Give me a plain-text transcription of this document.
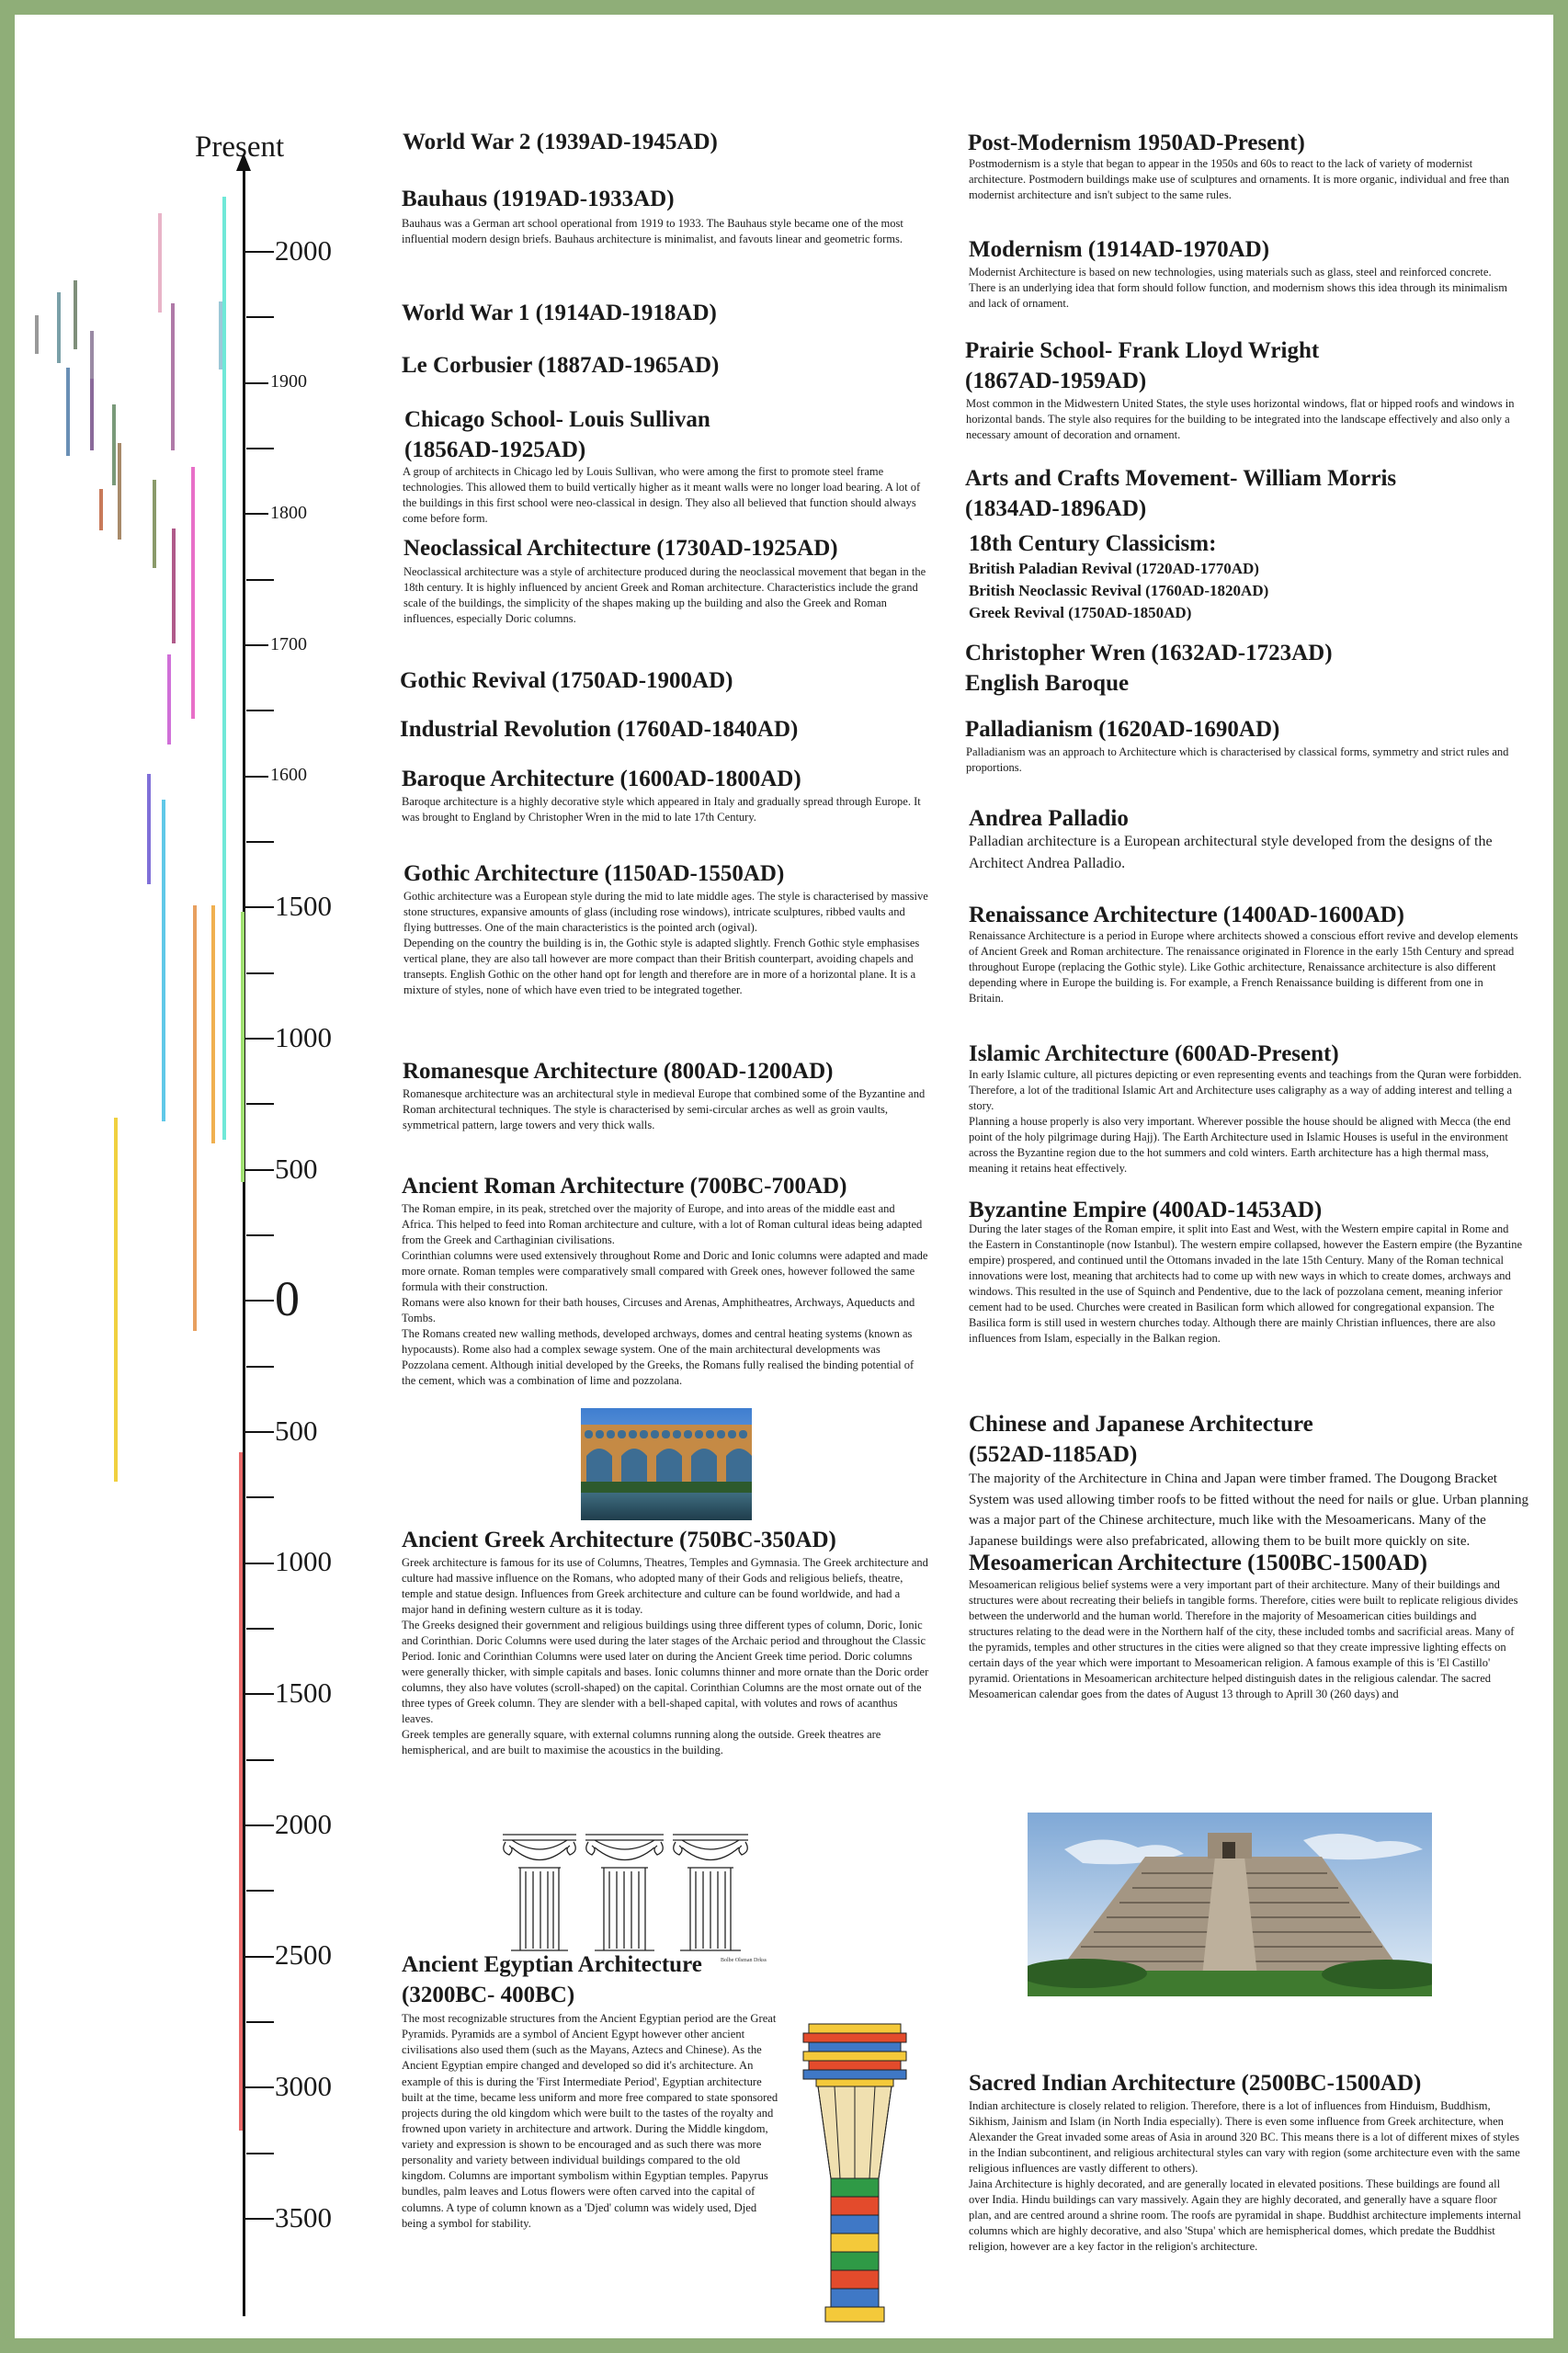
Present
2000
1900
1800
1700
1600
1500
1000
500
0
500
1000
1500
2000
2500
3000
3500
World War 2 (1939AD-1945AD)
Bauhaus (1919AD-1933AD)
Bauhaus was a German art school operational from 1919 to 1933. The Bauhaus style became one of the most influential modern design briefs. Bauhaus architecture is minimalist, and favouts linear and geometric forms.
World War 1 (1914AD-1918AD)
Le Corbusier (1887AD-1965AD)
Chicago School- Louis Sullivan
(1856AD-1925AD)
A group of architects in Chicago led by Louis Sullivan, who were among the first to promote steel frame technologies. This allowed them to build vertically higher as it meant walls were no longer load bearing. A lot of the buildings in this first school were neo-classical in design. They also all believed that function should always come before form.
Neoclassical Architecture (1730AD-1925AD)
Neoclassical architecture was a style of architecture produced during the neoclassical movement that began in the 18th century. It is highly influenced by ancient Greek and Roman architecture. Characteristics include the grand scale of the buildings, the simplicity of the shapes making up the building and also the Greek and Roman influences, especially Doric columns.
Gothic Revival (1750AD-1900AD)
Industrial Revolution (1760AD-1840AD)
Baroque Architecture (1600AD-1800AD)
Baroque architecture is a highly decorative style which appeared in Italy and gradually spread through Europe. It was brought to England by Christopher Wren in the mid to late 17th Century.
Gothic Architecture (1150AD-1550AD)
Gothic architecture was a European style during the mid to late middle ages. The style is characterised by massive stone structures, expansive amounts of glass (including rose windows), intricate sculptures, ribbed vaults and flying buttresses. One of the main characteristics is the pointed arch (ogival).
Depending on the country the building is in, the Gothic style is adapted slightly. French Gothic style emphasises vertical plane, they are also tall however are more compact than their British counterpart, avoiding chapels and transepts. English Gothic on the other hand opt for length and therefore are in more of a horizontal plane. It is a mixture of styles, none of which have even tried to be integrated together.
Romanesque Architecture (800AD-1200AD)
Romanesque architecture was an architectural style in medieval Europe that combined some of the Byzantine and Roman architectural techniques. The style is characterised by semi-circular arches as well as groin vaults, symmetrical pattern, large towers and very thick walls.
Ancient Roman Architecture (700BC-700AD)
The Roman empire, in its peak, stretched over the majority of Europe, and into areas of the middle east and Africa. This helped to feed into Roman architecture and culture, with a lot of Roman cultural ideas being adapted from the Greek and Carthaginian civilisations.
Corinthian columns were used extensively throughout Rome and Doric and Ionic columns were adapted and made more ornate. Roman temples were comparatively small compared with Greek ones, however followed the same formula with their construction.
Romans were also known for their bath houses, Circuses and Arenas, Amphitheatres, Archways, Aqueducts and Tombs.
The Romans created new walling methods, developed archways, domes and central heating systems (known as hypocausts). Rome also had a complex sewage system. One of the main architectural developments was Pozzolana cement. Although initial developed by the Greeks, the Romans fully realised the binding potential of the cement, which was a combination of lime and pozzolana.
Ancient Greek Architecture (750BC-350AD)
Greek architecture is famous for its use of Columns, Theatres, Temples and Gymnasia. The Greek architecture and culture had massive influence on the Romans, who adopted many of their Gods and religious beliefs, theatre, temple and statue design. Influences from Greek architecture and culture can be found worldwide, and had a major hand in defining western culture as it is today.
The Greeks designed their government and religious buildings using three different types of column, Doric, Ionic and Corinthian. Doric Columns were used during the later stages of the Archaic period and throughout the Classic Period. Ionic and Corinthian Columns were used later on during the Ancient Greek time period. Doric columns were generally thicker, with simple capitals and bases. Ionic columns thinner and more ornate than the Doric order columns, they also have volutes (scroll-shaped) on the capital. Corinthian Columns are the most ornate out of the three types of Greek column. They are slender with a bell-shaped capital, with volutes and rows of acanthus leaves.
Greek temples are generally square, with external columns running along the outside. Greek theatres are hemispherical, and are built to maximise the acoustics in the building.
Bolbe Olsman Drkss
Ancient Egyptian Architecture
(3200BC- 400BC)
The most recognizable structures from the Ancient Egyptian period are the Great Pyramids. Pyramids are a symbol of Ancient Egypt however other ancient civilisations also used them (such as the Mayans, Aztecs and Chinese). As the Ancient Egyptian empire changed and developed so did it's architecture. An example of this is during the 'First Intermediate Period', Egyptian architecture built at the time, became less uniform and more free compared to state sponsored projects during the old kingdom which were built to the tastes of the royalty and frowned upon variety in architecture and artwork. During the Middle kingdom, variety and expression is shown to be encouraged and as such there was more personality and variety between individual buildings compared to the old kingdom. Columns are important symbolism within Egyptian temples. Papyrus bundles, palm leaves and Lotus flowers were often carved into the capital of columns. A type of column known as a 'Djed' column was widely used, Djed being a symbol for stability.
Post-Modernism 1950AD-Present)
Postmodernism is a style that began to appear in the 1950s and 60s to react to the lack of variety of modernist architecture. Postmodern buildings make use of sculptures and ornaments. It is more organic, individual and free than modernist architecture and isn't subject to the same rules.
Modernism (1914AD-1970AD)
Modernist Architecture is based on new technologies, using materials such as glass, steel and reinforced concrete. There is an underlying idea that form should follow function, and modernism shows this idea through its minimalism and lack of ornament.
Prairie School- Frank Lloyd Wright
(1867AD-1959AD)
Most common in the Midwestern United States, the style uses horizontal windows, flat or hipped roofs and windows in horizontal bands. The style also requires for the building to be integrated into the landscape effectively and also only a necessary amount of decoration and ornament.
Arts and Crafts Movement- William Morris
(1834AD-1896AD)
18th Century Classicism:
British Paladian Revival (1720AD-1770AD)
British Neoclassic Revival (1760AD-1820AD)
Greek Revival (1750AD-1850AD)
Christopher Wren (1632AD-1723AD)
English Baroque
Palladianism (1620AD-1690AD)
Palladianism was an approach to Architecture which is characterised by classical forms, symmetry and strict rules and proportions.
Andrea Palladio
Palladian architecture is a European architectural style developed from the designs of the Architect Andrea Palladio.
Renaissance Architecture (1400AD-1600AD)
Renaissance Architecture is a period in Europe where architects showed a conscious effort revive and develop elements of Ancient Greek and Roman architecture. The renaissance originated in Florence in the early 15th Century and spread throughout Europe (replacing the Gothic style). Like Gothic architecture, Renaissance architecture is also different depending where in Europe the building is. For example, a French Renaissance building is different from one in Britain.
Islamic Architecture (600AD-Present)
In early Islamic culture, all pictures depicting or even representing events and teachings from the Quran were forbidden. Therefore, a lot of the traditional Islamic Art and Architecture uses caligraphy as a way of adding interest and telling a story.
Planning a house properly is also very important. Wherever possible the house should be aligned with Mecca (the end point of the holy pilgrimage during Hajj). The Earth Architecture used in Islamic Houses is useful in the environment across the Byzantine region due to the hot summers and cold winters. Earth architecture has a high thermal mass, meaning it retains heat effectively.
Byzantine Empire (400AD-1453AD)
During the later stages of the Roman empire, it split into East and West, with the Western empire capital in Rome and the Eastern in Constantinople (now Istanbul). The western empire collapsed, however the Eastern empire (the Byzantine empire) prospered, and continued until the Ottomans invaded in the late 15th Century. Many of the Roman technical innovations were lost, meaning that architects had to come up with new ways in which to create domes, archways and windows. This resulted in the use of Squinch and Pendentive, due to the lack of pozzolana cement, meaning inferior cement had to be used. Churches were created in Basilican form which allowed for congregational expansion. The Basilica form is still used in western churches today. Although there are mainly Christian influences, there are also influences from Islam, especially in the Balkan region.
Chinese and Japanese Architecture
(552AD-1185AD)
The majority of the Architecture in China and Japan were timber framed. The Dougong Bracket System was used allowing timber roofs to be fitted without the need for nails or glue. Urban planning was a major part of the Chinese architecture, much like with the Mesoamericans. Many of the Japanese buildings were also prefabricated, allowing them to be built more quickly on site.
Mesoamerican Architecture (1500BC-1500AD)
Mesoamerican religious belief systems were a very important part of their architecture. Many of their buildings and structures were about recreating their beliefs in tangible forms. Therefore, cities were built to replicate religious divides between the underworld and the human world. Therefore in the majority of Mesoamerican cities buildings and structures relating to the dead were in the Northern half of the city, these included tombs and sacrificial areas. Many of the pyramids, temples and other structures in the cities were aligned so that they create impressive lighting effects on certain days of the year which were important to Mesoamerican religion. A famous example of this is 'El Castillo' pyramid. Orientations in Mesoamerican architecture helped distinguish dates in the religious calendar. The sacred Mesoamerican calendar goes from the dates of August 13 through to Aprill 30 (260 days) and
Sacred Indian Architecture (2500BC-1500AD)
Indian architecture is closely related to religion. Therefore, there is a lot of influences from Hinduism, Buddhism, Sikhism, Jainism and Islam (in North India especially). There is even some influence from Greek architecture, when Alexander the Great invaded some areas of Asia in around 320 BC. This means there is a lot of different mixes of styles in the Indian subcontinent, and religious architectural styles can vary with region (some architecture even with the same religious influences are vastly different to others).
Jaina Architecture is highly decorated, and are generally located in elevated positions. These buildings are found all over India. Hindu buildings can vary massively. Again they are highly decorated, and generally have a square floor plan, and are centred around a shrine room. The roofs are pyramidal in shape. Buddhist architecture implements internal columns which are highly decorative, and also 'Stupa' which are hemispherical domes, which predate the Buddhist religion, however are a key factor in the religion's architecture.
